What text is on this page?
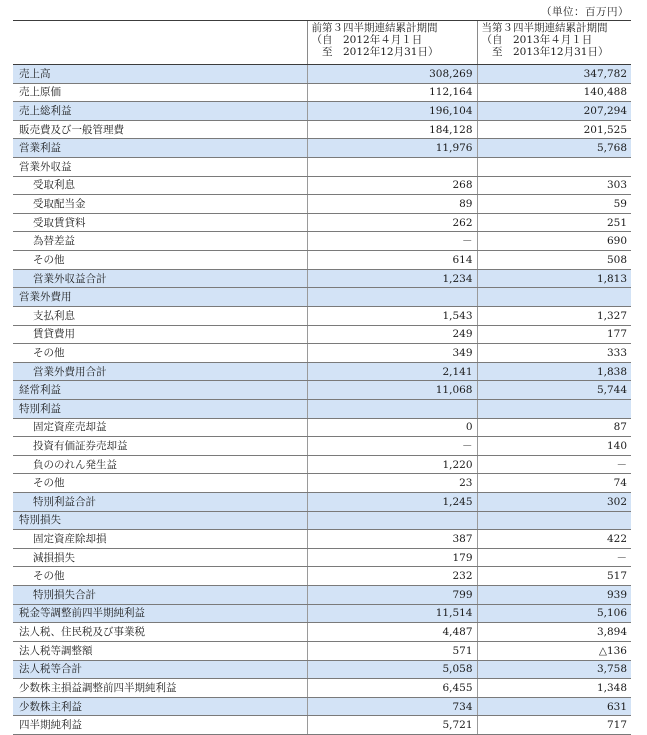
（単位：百万円）

	前第３四半期連結累計期間
（自　2012年４月１日
　至　2012年12月31日）	当第３四半期連結累計期間
（自　2013年４月１日
　至　2013年12月31日）

売上高	308,269	347,782
売上原価	112,164	140,488
売上総利益	196,104	207,294
販売費及び一般管理費	184,128	201,525
営業利益	11,976	5,768
営業外収益		
受取利息	268	303
受取配当金	89	59
受取賃貸料	262	251
為替差益	－	690
その他	614	508
営業外収益合計	1,234	1,813
営業外費用		
支払利息	1,543	1,327
賃貸費用	249	177
その他	349	333
営業外費用合計	2,141	1,838
経常利益	11,068	5,744
特別利益		
固定資産売却益	0	87
投資有価証券売却益	－	140
負ののれん発生益	1,220	－
その他	23	74
特別利益合計	1,245	302
特別損失		
固定資産除却損	387	422
減損損失	179	－
その他	232	517
特別損失合計	799	939
税金等調整前四半期純利益	11,514	5,106
法人税、住民税及び事業税	4,487	3,894
法人税等調整額	571	△136
法人税等合計	5,058	3,758
少数株主損益調整前四半期純利益	6,455	1,348
少数株主利益	734	631
四半期純利益	5,721	717
